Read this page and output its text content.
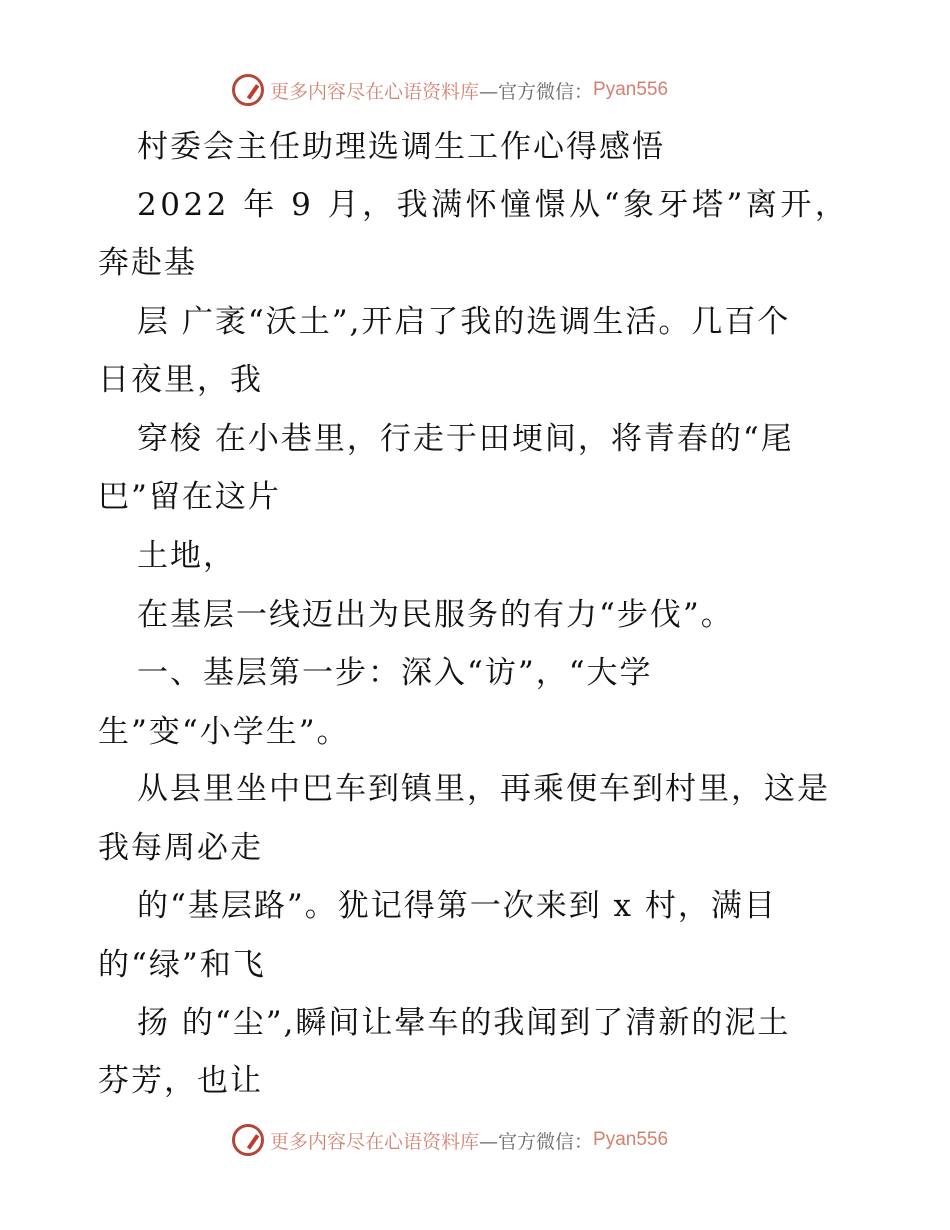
更多内容尽在心语资料库 —官方微信： Pyan556
村委会主任助理选调生工作心得感悟
2022 年 9 月，我满怀憧憬从“象牙塔”离开，
奔赴基
层 广袤“沃土”,开启了我的选调生活。几百个
日夜里，我
穿梭 在小巷里，行走于田埂间，将青春的“尾
巴”留在这片
土地，
在基层一线迈出为民服务的有力“步伐”。
一、基层第一步：深入“访”，“大学
生”变“小学生”。
从县里坐中巴车到镇里，再乘便车到村里，这是
我每周必走
的“基层路”。犹记得第一次来到 x 村，满目
的“绿”和飞
扬 的“尘”,瞬间让晕车的我闻到了清新的泥土
芬芳，也让
更多内容尽在心语资料库 —官方微信： Pyan556
